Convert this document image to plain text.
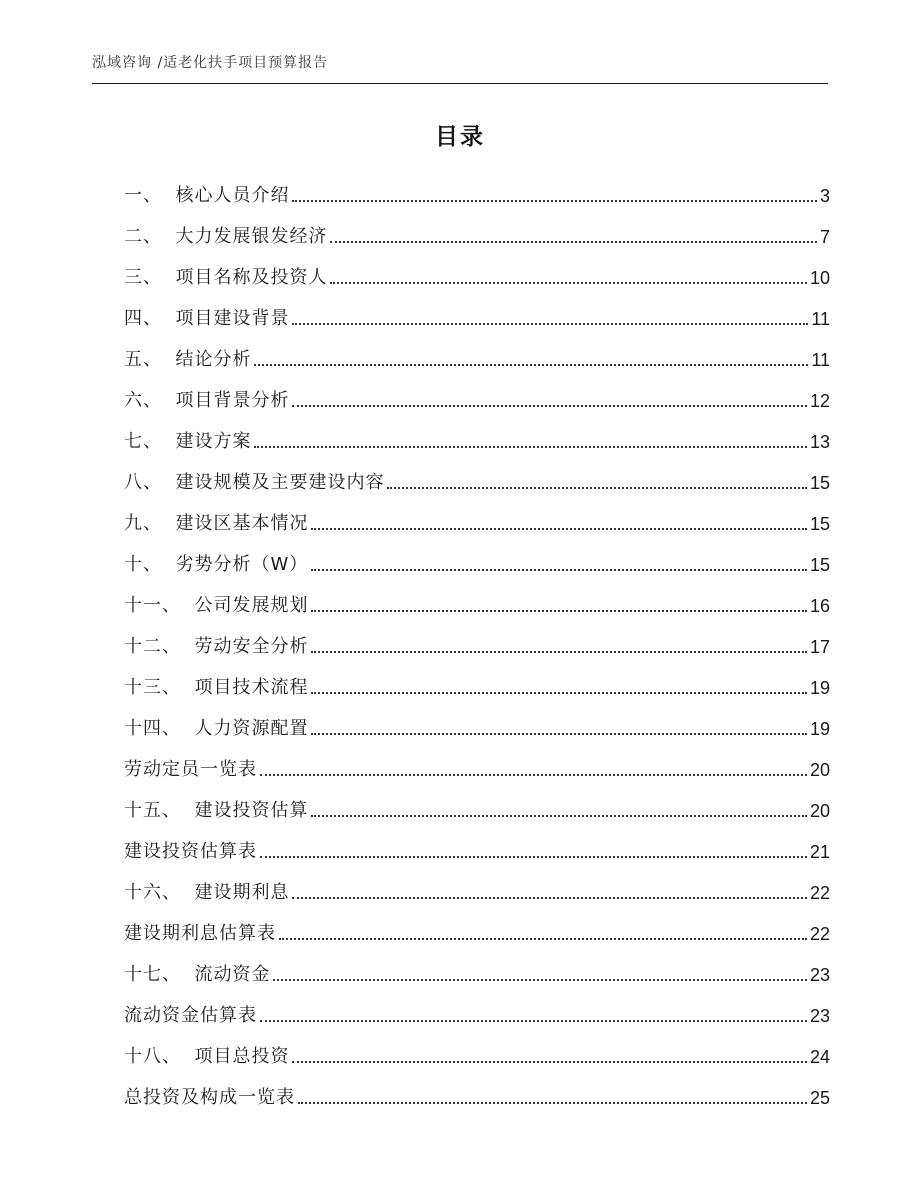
泓域咨询 /适老化扶手项目预算报告
目录
一、  核心人员介绍	3
二、  大力发展银发经济	7
三、  项目名称及投资人	10
四、  项目建设背景	11
五、  结论分析	11
六、  项目背景分析	12
七、  建设方案	13
八、  建设规模及主要建设内容	15
九、  建设区基本情况	15
十、  劣势分析（W）	15
十一、  公司发展规划	16
十二、  劳动安全分析	17
十三、  项目技术流程	19
十四、  人力资源配置	19
劳动定员一览表	20
十五、  建设投资估算	20
建设投资估算表	21
十六、  建设期利息	22
建设期利息估算表	22
十七、  流动资金	23
流动资金估算表	23
十八、  项目总投资	24
总投资及构成一览表	25
